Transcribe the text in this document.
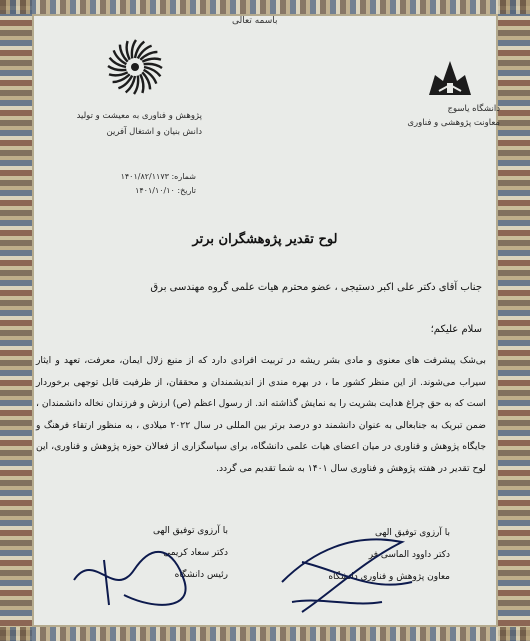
باسمه تعالی
پژوهش و فناوری به معیشت و تولید
دانش بنیان و اشتغال آفرین
دانشگاه یاسوج
معاونت پژوهشی و فناوری
شماره: ۱۴۰۱/۸۲/۱۱۷۳
تاریخ: ۱۴۰۱/۱۰/۱۰
لوح تقدیر پژوهشگران برتر
جناب آقای دکتر علی اکبر دستیجی ، عضو محترم هیات علمی گروه مهندسی برق
سلام علیکم؛
بی‌شک پیشرفت های معنوی و مادی بشر ریشه در تربیت افرادی دارد که از منبع زلال ایمان، معرفت، تعهد و ایثار سیراب می‌شوند. از این منظر کشور ما ، در بهره مندی از اندیشمندان و محققان، از ظرفیت قابل توجهی برخوردار است که به حق چراغ هدایت بشریت را به نمایش گذاشته اند. از رسول اعظم (ص) ارزش و فرزندان نخاله دانشمندان ، ضمن تبریک به جنابعالی به عنوان دانشمند دو درصد برتر بین المللی در سال ۲۰۲۲ میلادی ، به منظور ارتقاء فرهنگ و جایگاه پژوهش و فناوری در میان اعضای هیات علمی دانشگاه، برای سپاسگزاری از فعالان حوزه پژوهش و فناوری، این لوح تقدیر در هفته پژوهش و فناوری سال ۱۴۰۱ به شما تقدیم می گردد.
با آرزوی توفیق الهی
دکتر سعاد کریمی
رئیس دانشگاه
با آرزوی توفیق الهی
دکتر داوود الماسی فر
معاون پژوهش و فناوری دانشگاه
